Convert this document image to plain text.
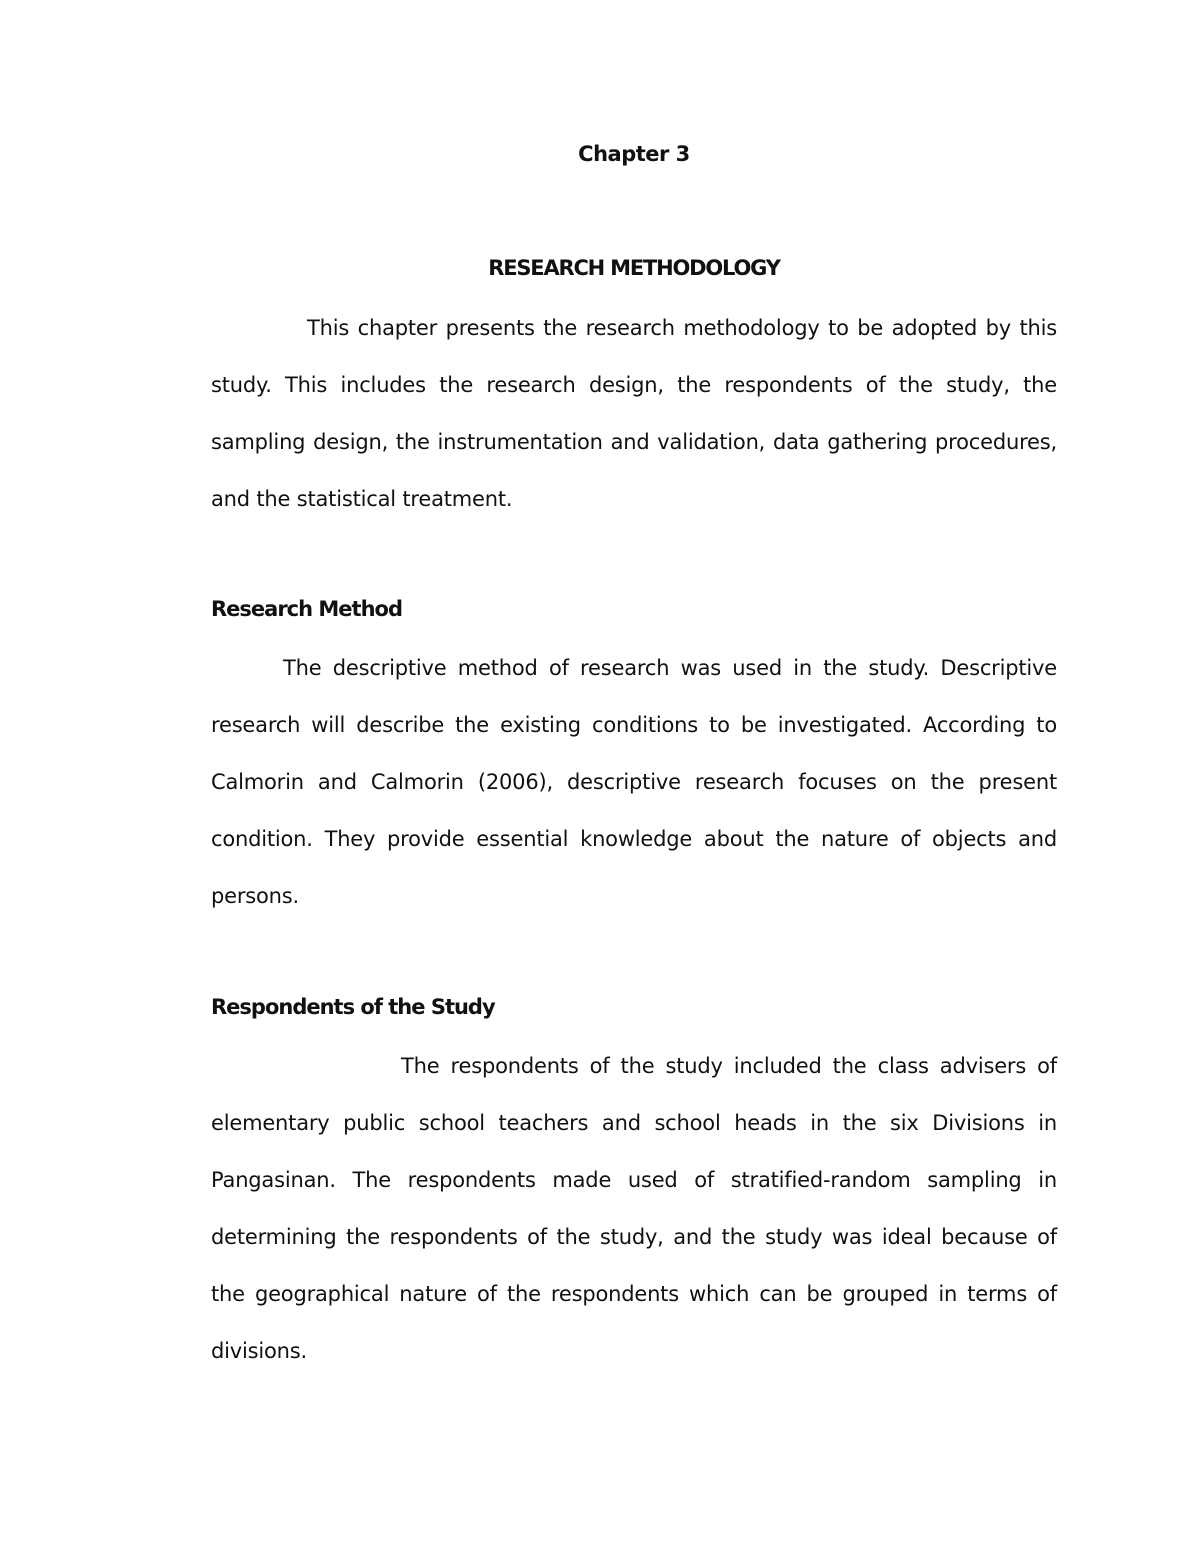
Chapter 3
RESEARCH METHODOLOGY

This chapter presents the research methodology to be adopted by this study. This includes the research design, the respondents of the study, the sampling design, the instrumentation and validation, data gathering procedures, and the statistical treatment.

Research Method

The descriptive method of research was used in the study. Descriptive research will describe the existing conditions to be investigated. According to Calmorin and Calmorin (2006), descriptive research focuses on the present condition. They provide essential knowledge about the nature of objects and persons.

Respondents of the Study

The respondents of the study included the class advisers of elementary public school teachers and school heads in the six Divisions in Pangasinan. The respondents made used of stratified-random sampling in determining the respondents of the study, and the study was ideal because of the geographical nature of the respondents which can be grouped in terms of divisions.
